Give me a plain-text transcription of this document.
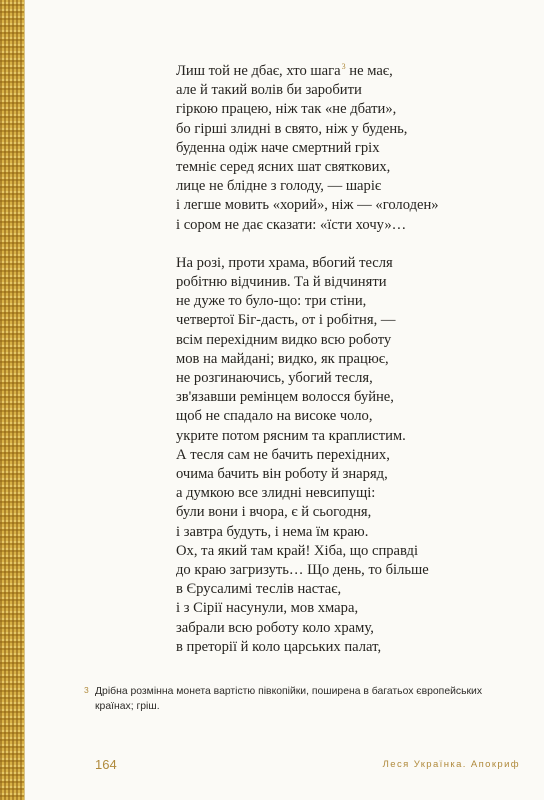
Лиш той не дбає, хто шага$^3$ не має,
але й такий волів би заробити
гіркою працею, ніж так «не дбати»,
бо гірші злидні в свято, ніж у будень,
буденна одіж наче смертний гріх
темніє серед ясних шат святкових,
лице не блідне з голоду, — шаріє
і легше мовить «хорий», ніж — «голоден»
і сором не дає сказати: «їсти хочу»…
На розі, проти храма, вбогий тесля
робітню відчинив. Та й відчиняти
не дуже то було-що: три стіни,
четвертої Біг-дасть, от і робітня, —
всім перехідним видко всю роботу
мов на майдані; видко, як працює,
не розгинаючись, убогий тесля,
зв'язавши ремінцем волосся буйне,
щоб не спадало на високе чоло,
укрите потом рясним та краплистим.
А тесля сам не бачить перехідних,
очима бачить він роботу й знаряд,
а думкою все злидні невсипущі:
були вони і вчора, є й сьогодня,
і завтра будуть, і нема їм краю.
Ох, та який там край! Хіба, що справді
до краю загризуть… Що день, то більше
в Єрусалимі теслів настає,
і з Сірії насунули, мов хмара,
забрали всю роботу коло храму,
в преторії й коло царських палат,
3 Дрібна розмінна монета вартістю півкопійки, поширена в багатьох європейських країнах; гріш.
164	Леся Українка. Апокриф
